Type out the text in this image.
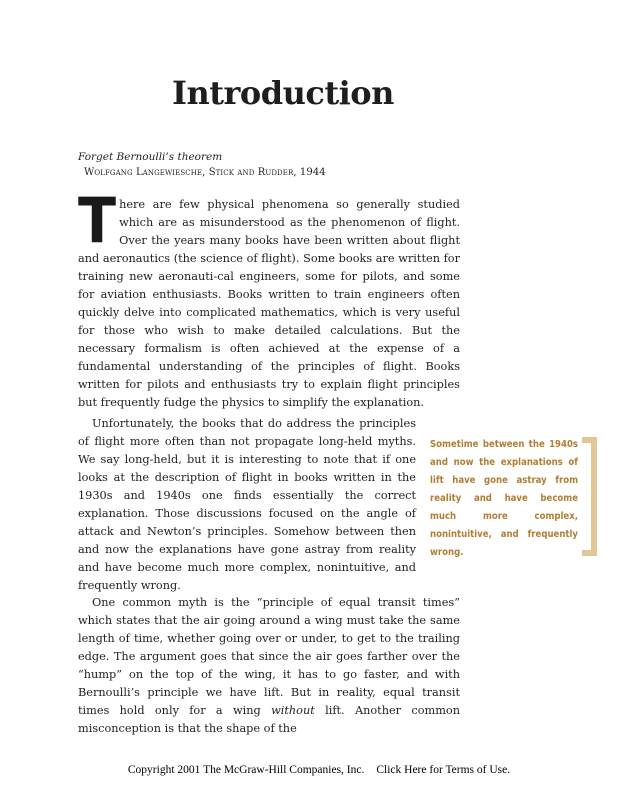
Introduction
Forget Bernoulli’s theorem
Wolfgang Langewiesche, Stick and Rudder, 1944

There are few physical phenomena so generally studied which are as misunderstood as the phenomenon of flight. Over the years many books have been written about flight and aeronautics (the science of flight). Some books are written for training new aeronauti-cal engineers, some for pilots, and some for aviation enthusiasts. Books written to train engineers often quickly delve into complicated mathematics, which is very useful for those who wish to make detailed calculations. But the necessary formalism is often achieved at the expense of a fundamental understanding of the principles of flight. Books written for pilots and enthusiasts try to explain flight principles but frequently fudge the physics to simplify the explanation.

Unfortunately, the books that do address the principles of flight more often than not propagate long-held myths. We say long-held, but it is interesting to note that if one looks at the description of flight in books written in the 1930s and 1940s one finds essentially the correct explanation. Those discussions focused on the angle of attack and Newton’s principles. Somehow between then and now the explanations have gone astray from reality and have become much more complex, nonintuitive, and frequently wrong.

Sometime between the 1940s and now the explanations of lift have gone astray from reality and have become much more complex, nonintuitive, and frequently wrong.

One common myth is the “principle of equal transit times” which states that the air going around a wing must take the same length of time, whether going over or under, to get to the trailing edge. The argument goes that since the air goes farther over the “hump” on the top of the wing, it has to go faster, and with Bernoulli’s principle we have lift. But in reality, equal transit times hold only for a wing without lift. Another common misconception is that the shape of the

Copyright 2001 The McGraw-Hill Companies, Inc. Click Here for Terms of Use.
